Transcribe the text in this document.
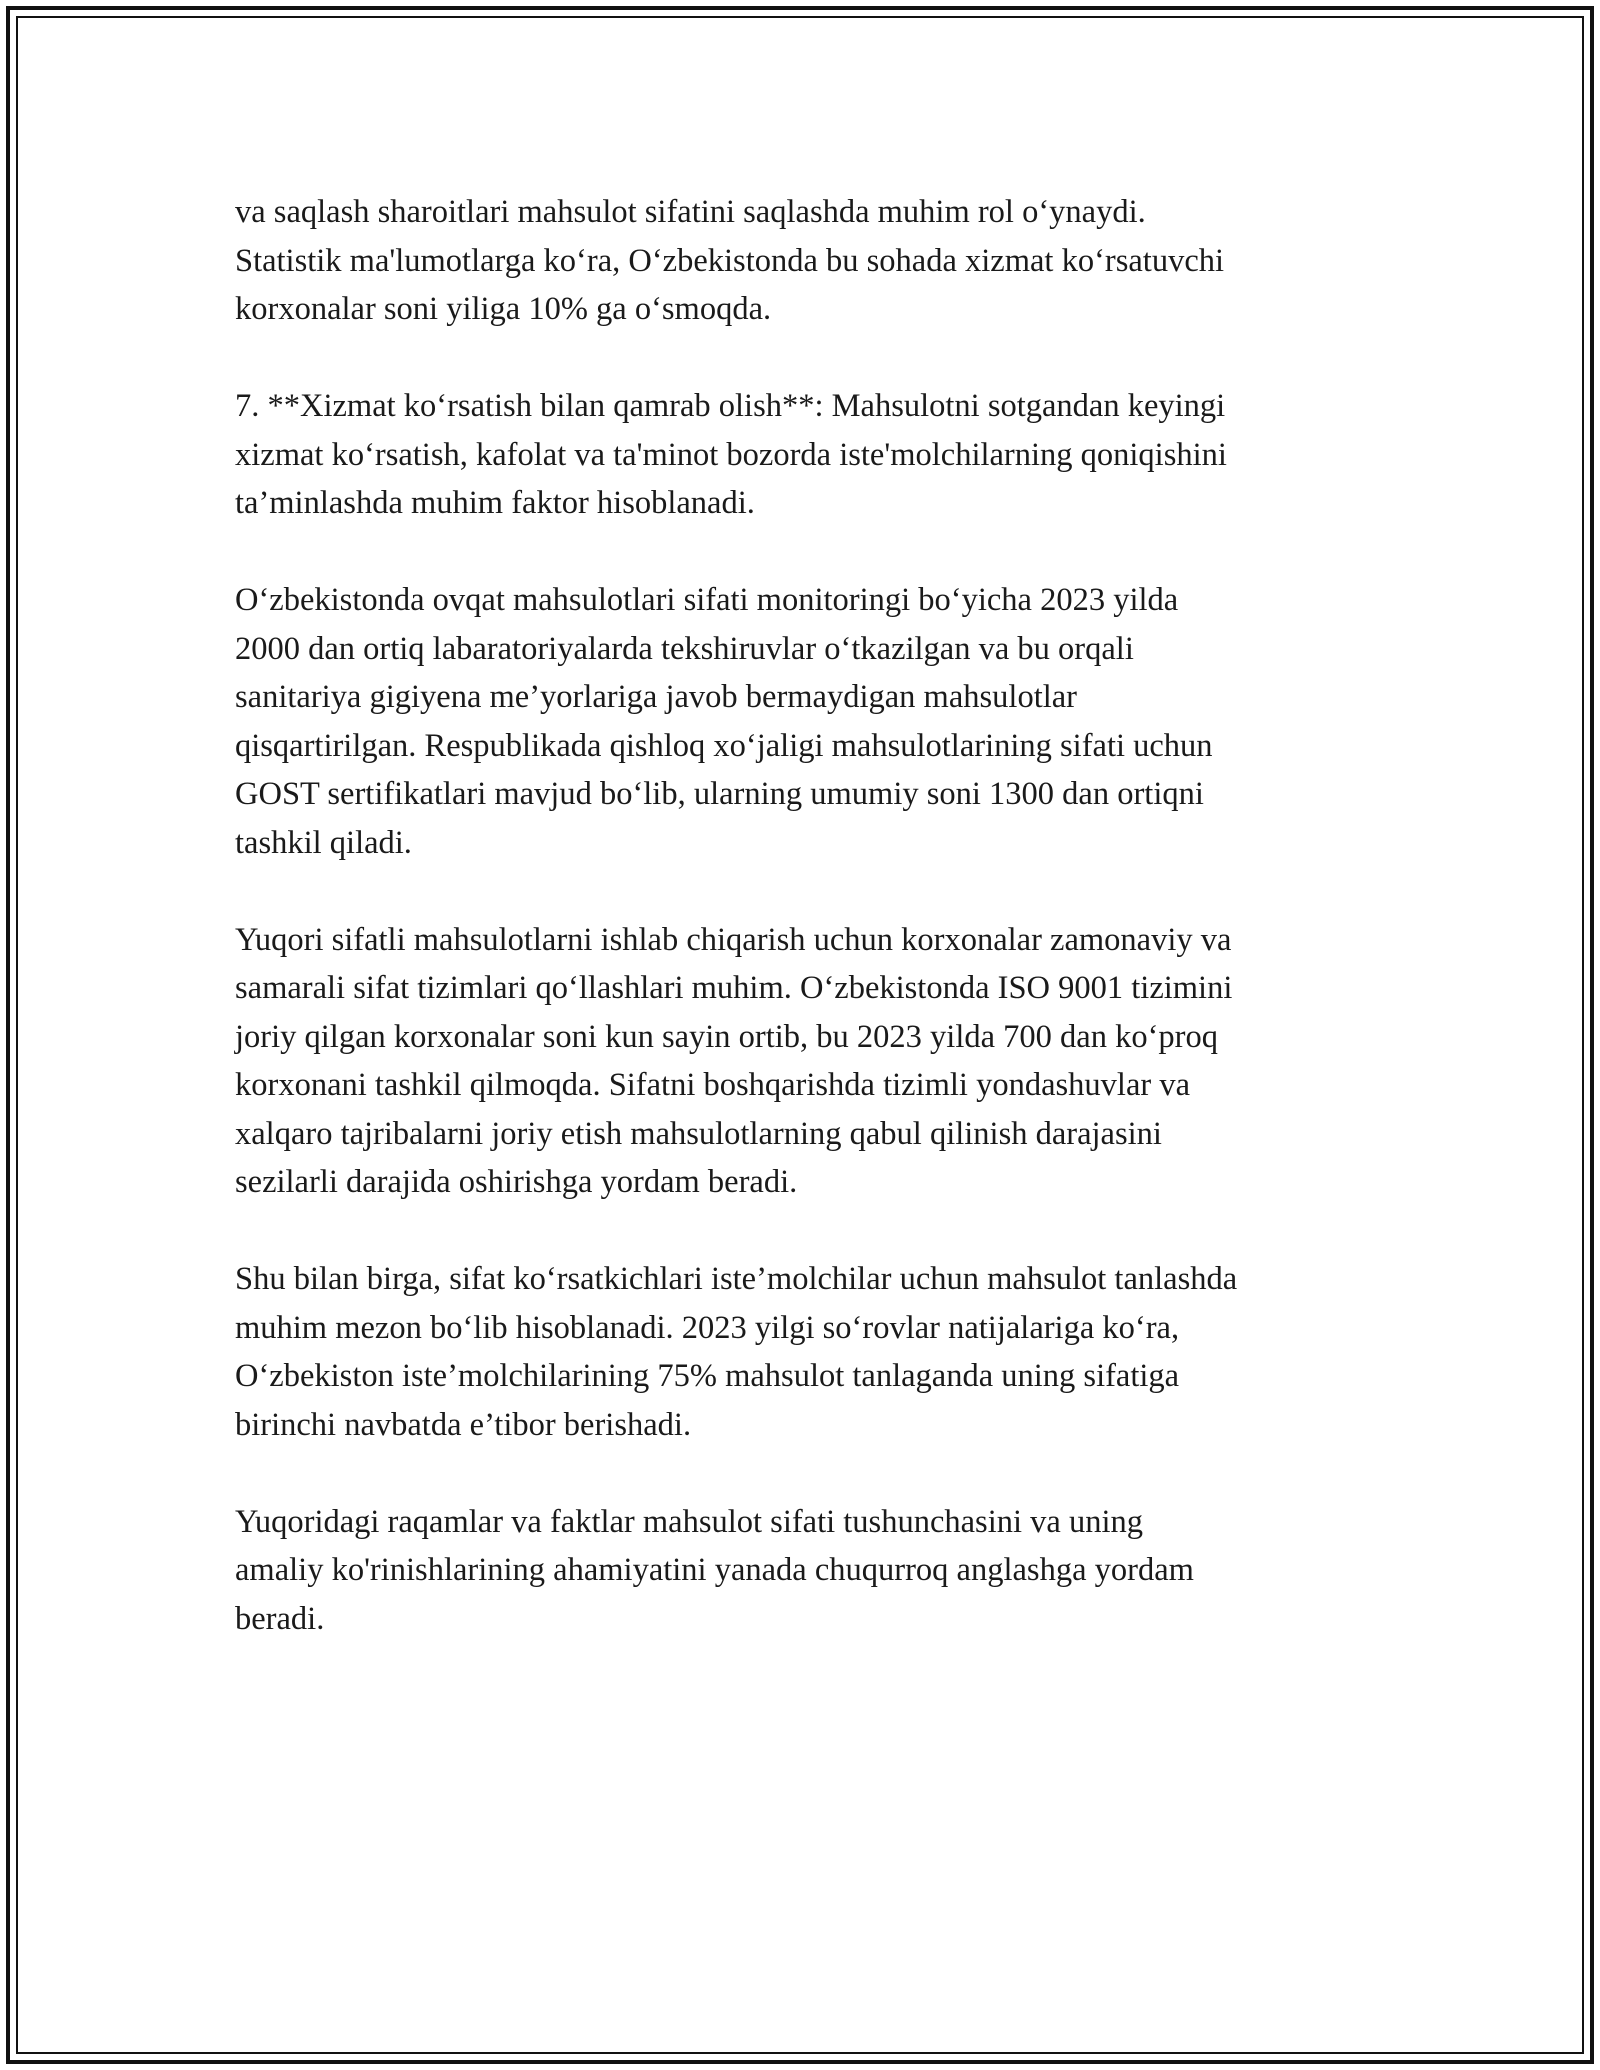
va saqlash sharoitlari mahsulot sifatini saqlashda muhim rol o‘ynaydi.
Statistik ma'lumotlarga ko‘ra, O‘zbekistonda bu sohada xizmat ko‘rsatuvchi
korxonalar soni yiliga 10% ga o‘smoqda.

7. **Xizmat ko‘rsatish bilan qamrab olish**: Mahsulotni sotgandan keyingi
xizmat ko‘rsatish, kafolat va ta'minot bozorda iste'molchilarning qoniqishini
ta’minlashda muhim faktor hisoblanadi.

O‘zbekistonda ovqat mahsulotlari sifati monitoringi bo‘yicha 2023 yilda
2000 dan ortiq labaratoriyalarda tekshiruvlar o‘tkazilgan va bu orqali
sanitariya gigiyena me’yorlariga javob bermaydigan mahsulotlar
qisqartirilgan. Respublikada qishloq xo‘jaligi mahsulotlarining sifati uchun
GOST sertifikatlari mavjud bo‘lib, ularning umumiy soni 1300 dan ortiqni
tashkil qiladi.

Yuqori sifatli mahsulotlarni ishlab chiqarish uchun korxonalar zamonaviy va
samarali sifat tizimlari qo‘llashlari muhim. O‘zbekistonda ISO 9001 tizimini
joriy qilgan korxonalar soni kun sayin ortib, bu 2023 yilda 700 dan ko‘proq
korxonani tashkil qilmoqda. Sifatni boshqarishda tizimli yondashuvlar va
xalqaro tajribalarni joriy etish mahsulotlarning qabul qilinish darajasini
sezilarli darajida oshirishga yordam beradi.

Shu bilan birga, sifat ko‘rsatkichlari iste’molchilar uchun mahsulot tanlashda
muhim mezon bo‘lib hisoblanadi. 2023 yilgi so‘rovlar natijalariga ko‘ra,
O‘zbekiston iste’molchilarining 75% mahsulot tanlaganda uning sifatiga
birinchi navbatda e’tibor berishadi.

Yuqoridagi raqamlar va faktlar mahsulot sifati tushunchasini va uning
amaliy ko'rinishlarining ahamiyatini yanada chuqurroq anglashga yordam
beradi.
